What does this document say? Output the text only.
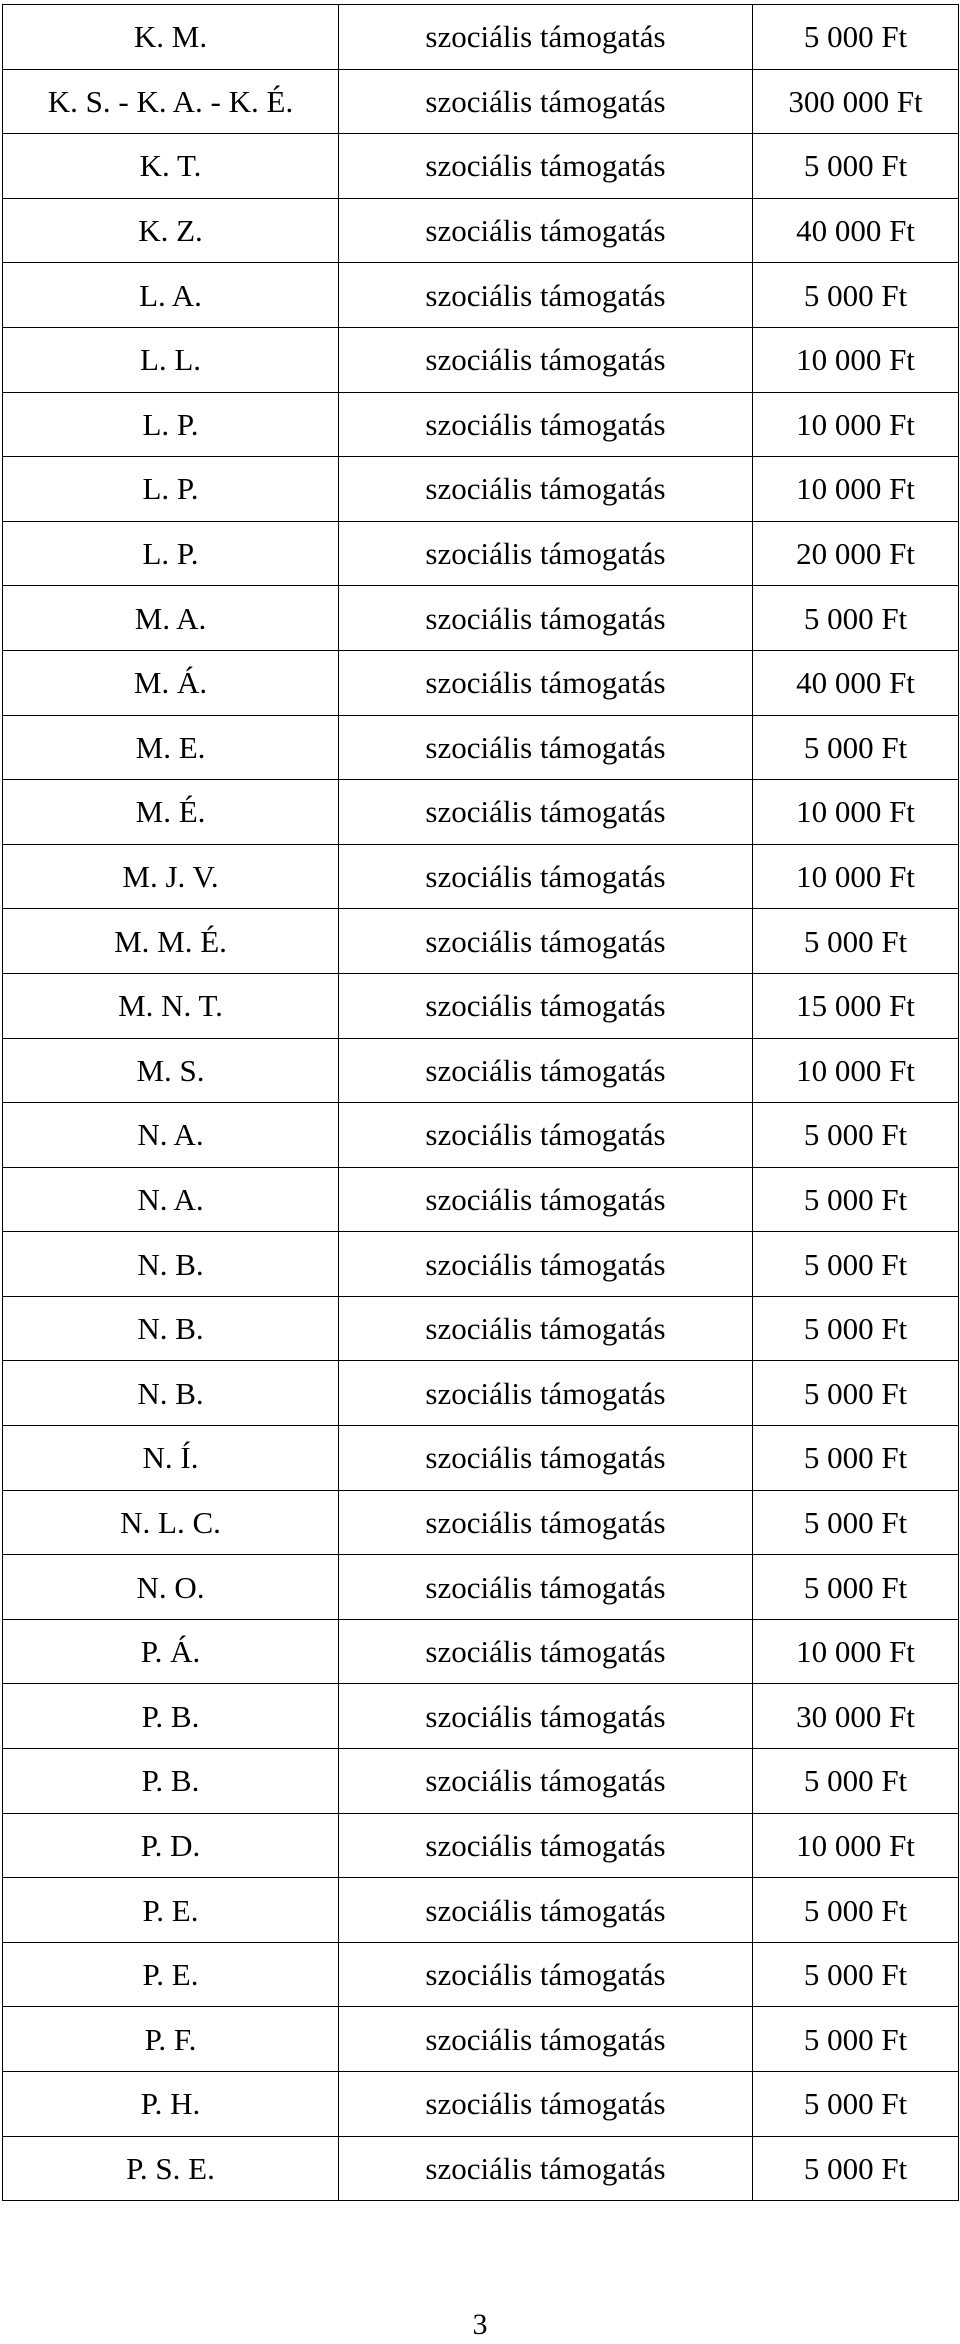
K. M.	szociális támogatás	5 000 Ft
K. S. - K. A. - K. É.	szociális támogatás	300 000 Ft
K. T.	szociális támogatás	5 000 Ft
K. Z.	szociális támogatás	40 000 Ft
L. A.	szociális támogatás	5 000 Ft
L. L.	szociális támogatás	10 000 Ft
L. P.	szociális támogatás	10 000 Ft
L. P.	szociális támogatás	10 000 Ft
L. P.	szociális támogatás	20 000 Ft
M. A.	szociális támogatás	5 000 Ft
M. Á.	szociális támogatás	40 000 Ft
M. E.	szociális támogatás	5 000 Ft
M. É.	szociális támogatás	10 000 Ft
M. J. V.	szociális támogatás	10 000 Ft
M. M. É.	szociális támogatás	5 000 Ft
M. N. T.	szociális támogatás	15 000 Ft
M. S.	szociális támogatás	10 000 Ft
N. A.	szociális támogatás	5 000 Ft
N. A.	szociális támogatás	5 000 Ft
N. B.	szociális támogatás	5 000 Ft
N. B.	szociális támogatás	5 000 Ft
N. B.	szociális támogatás	5 000 Ft
N. Í.	szociális támogatás	5 000 Ft
N. L. C.	szociális támogatás	5 000 Ft
N. O.	szociális támogatás	5 000 Ft
P. Á.	szociális támogatás	10 000 Ft
P. B.	szociális támogatás	30 000 Ft
P. B.	szociális támogatás	5 000 Ft
P. D.	szociális támogatás	10 000 Ft
P. E.	szociális támogatás	5 000 Ft
P. E.	szociális támogatás	5 000 Ft
P. F.	szociális támogatás	5 000 Ft
P. H.	szociális támogatás	5 000 Ft
P. S. E.	szociális támogatás	5 000 Ft
3
